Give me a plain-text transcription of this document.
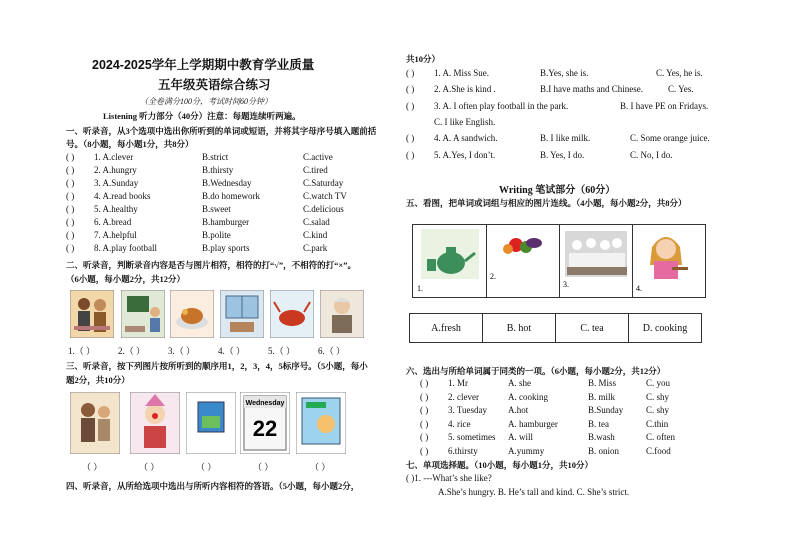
2024-2025学年上学期期中教育学业质量
五年级英语综合练习
（全卷满分100分，考试时间60分钟）
Listening 听力部分（40分）注意：每题连续听两遍。
一、听录音，从3个选项中选出你所听到的单词或短语，并将其字母序号填入题前括
号。（8小题，每小题1分，共8分）
( ) 1. A.clever	B.strict	C.active
( ) 2. A.hungry	B.thirsty	C.tired
( ) 3. A.Sunday	B.Wednesday	C.Saturday
( ) 4. A.read books	B.do homework	C.watch TV
( ) 5. A.healthy	B.sweet	C.delicious
( ) 6. A.bread	B.hamburger	C.salad
( ) 7. A.helpful	B.polite	C.kind
( ) 8. A.play football	B.play sports	C.park
二、听录音，判断录音内容是否与图片相符，相符的打“√”，不相符的打“×”。
（6小题，每小题2分，共12分）
1.（ ）	2.（ ）	3.（ ）	4.（ ）	5.（ ）	6.（ ）
三、听录音，按下列图片按所听到的顺序用1，2，3，4，5标序号。（5小题，每小
题2分，共10分）
Wednesday
22
（ ）	（ ）	（ ）	（ ）	（ ）
四、听录音，从所给选项中选出与所听内容相符的答语。（5小题，每小题2分，
共10分）
( ) 1. A. Miss Sue.	B.Yes, she is.	C. Yes, he is.
( ) 2. A.She is kind .	B.I have maths and Chinese.	C. Yes.
( ) 3. A. I often play football in the park.	B. I have PE on Fridays.
C. I like English.
( ) 4. A. A sandwich.	B. I like milk.	C. Some orange juice.
( ) 5. A.Yes, I don’t.	B. Yes, I do.	C. No, I do.
Writing 笔试部分（60分）
五、看图，把单词或词组与相应的图片连线。（4小题，每小题2分，共8分）
1.
2.
3.	4.
A.fresh	B. hot	C. tea	D. cooking
六、选出与所给单词属于同类的一项。（6小题，每小题2分，共12分）
( ) 1. Mr	A. she	B. Miss	C. you
( ) 2. clever	A. cooking	B. milk	C. shy
( ) 3. Tuesday A.hot	B.Sunday	C. shy
( ) 4. rice	A. hamburger	B. tea	C.thin
( ) 5. sometimes A. will	B.wash	C. often
( ) 6.thirsty	A.yummy	B. onion	C.food
七、单项选择题。（10小题，每小题1分，共10分）
( )1. ---What’s she like?
A.She’s hungry. B. He’s tall and kind. C. She’s strict.
